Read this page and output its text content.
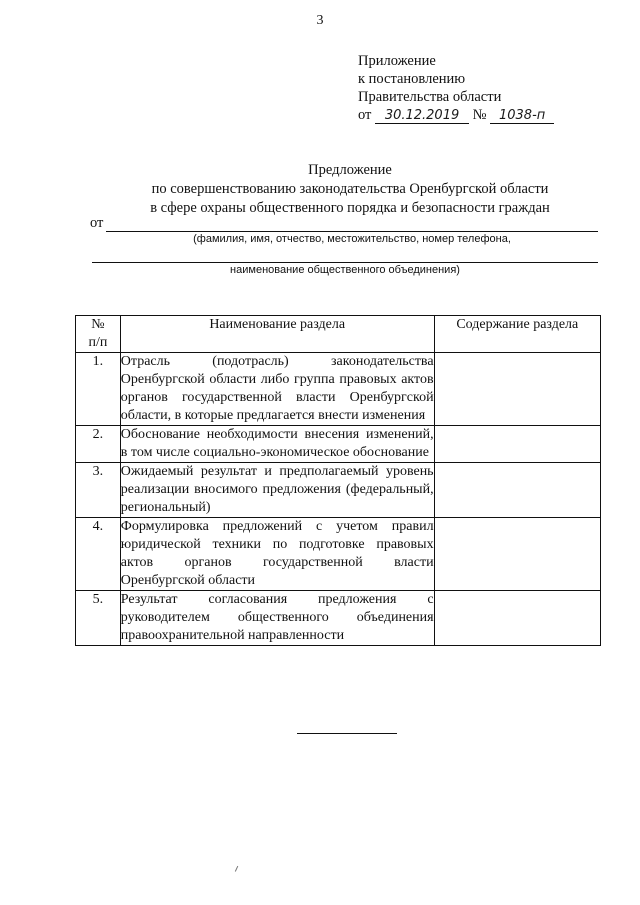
3
Приложение
к постановлению
Правительства области
от 30.12.2019 № 1038-п
Предложение
по совершенствованию законодательства Оренбургской области
в сфере охраны общественного порядка и безопасности граждан
от
(фамилия, имя, отчество, местожительство, номер телефона,
наименование общественного объединения)
№
п/п	Наименование раздела	Содержание раздела
1.	Отрасль (подотрасль) законодательства Оренбургской области либо группа правовых актов органов государственной власти Оренбургской области, в которые предлагается внести изменения	
2.	Обоснование необходимости внесения изменений, в том числе социально-экономическое обоснование	
3.	Ожидаемый результат и предполагаемый уровень реализации вносимого предложения (федеральный, региональный)	
4.	Формулировка предложений с учетом правил юридической техники по подготовке правовых актов органов государственной власти Оренбургской области	
5.	Результат согласования предложения с руководителем общественного объединения правоохранительной направленности	
